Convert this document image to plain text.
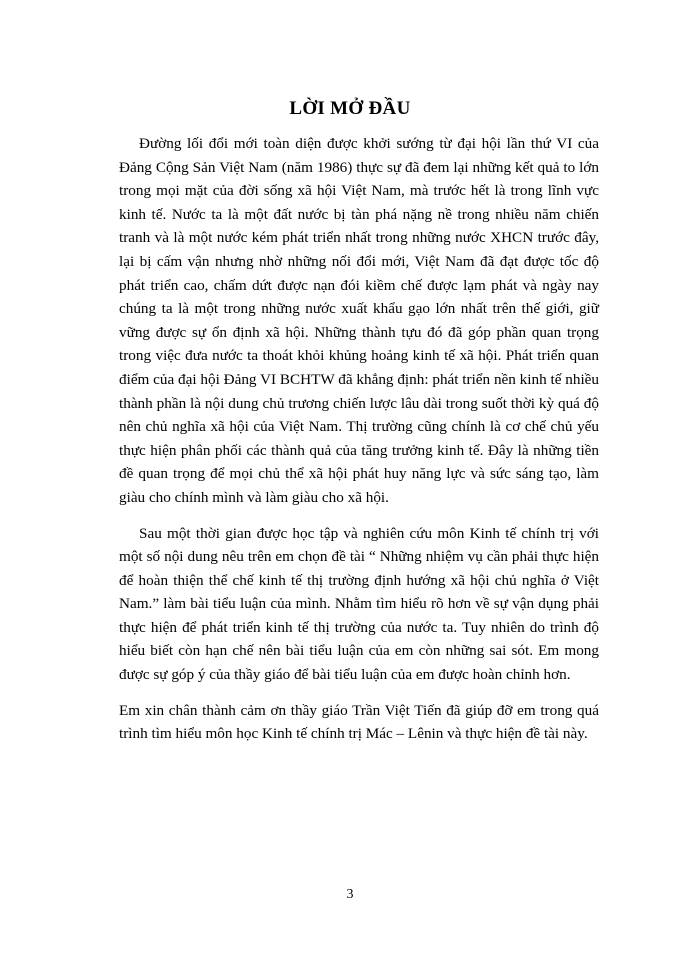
LỜI MỞ ĐẦU

Đường lối đổi mới toàn diện được khởi sướng từ đại hội lần thứ VI của Đảng Cộng Sản Việt Nam (năm 1986) thực sự đã đem lại những kết quả to lớn trong mọi mặt của đời sống xã hội Việt Nam, mà trước hết là trong lĩnh vực kinh tế. Nước ta là một đất nước bị tàn phá nặng nề trong nhiều năm chiến tranh và là một nước kém phát triển nhất trong những nước XHCN trước đây, lại bị cấm vận nhưng nhờ những nối đổi mới, Việt Nam đã đạt được tốc độ phát triển cao, chấm dứt được nạn đói kiềm chế được lạm phát và ngày nay chúng ta là một trong những nước xuất khẩu gạo lớn nhất trên thế giới, giữ vững được sự ổn định xã hội. Những thành tựu đó đã góp phần quan trọng trong việc đưa nước ta thoát khỏi khủng hoảng kinh tế xã hội. Phát triển quan điểm của đại hội Đảng VI BCHTW đã khẳng định: phát triển nền kinh tế nhiều thành phần là nội dung chủ trương chiến lược lâu dài trong suốt thời kỳ quá độ nên chủ nghĩa xã hội của Việt Nam. Thị trường cũng chính là cơ chế chủ yếu thực hiện phân phối các thành quả của tăng trưởng kinh tế. Đây là những tiền đề quan trọng để mọi chủ thể xã hội phát huy năng lực và sức sáng tạo, làm giàu cho chính mình và làm giàu cho xã hội.

Sau một thời gian được học tập và nghiên cứu môn Kinh tế chính trị với một số nội dung nêu trên em chọn đề tài “ Những nhiệm vụ cần phải thực hiện để hoàn thiện thể chế kinh tế thị trường định hướng xã hội chủ nghĩa ở Việt Nam.” làm bài tiểu luận của mình. Nhằm tìm hiểu rõ hơn về sự vận dụng phải thực hiện để phát triển kinh tế thị trường của nước ta. Tuy nhiên do trình độ hiểu biết còn hạn chế nên bài tiểu luận của em còn những sai sót. Em mong được sự góp ý của thầy giáo để bài tiểu luận của em được hoàn chỉnh hơn.

Em xin chân thành cảm ơn thầy giáo Trần Việt Tiến đã giúp đỡ em trong quá trình tìm hiểu môn học Kinh tế chính trị Mác – Lênin và thực hiện đề tài này.

3
